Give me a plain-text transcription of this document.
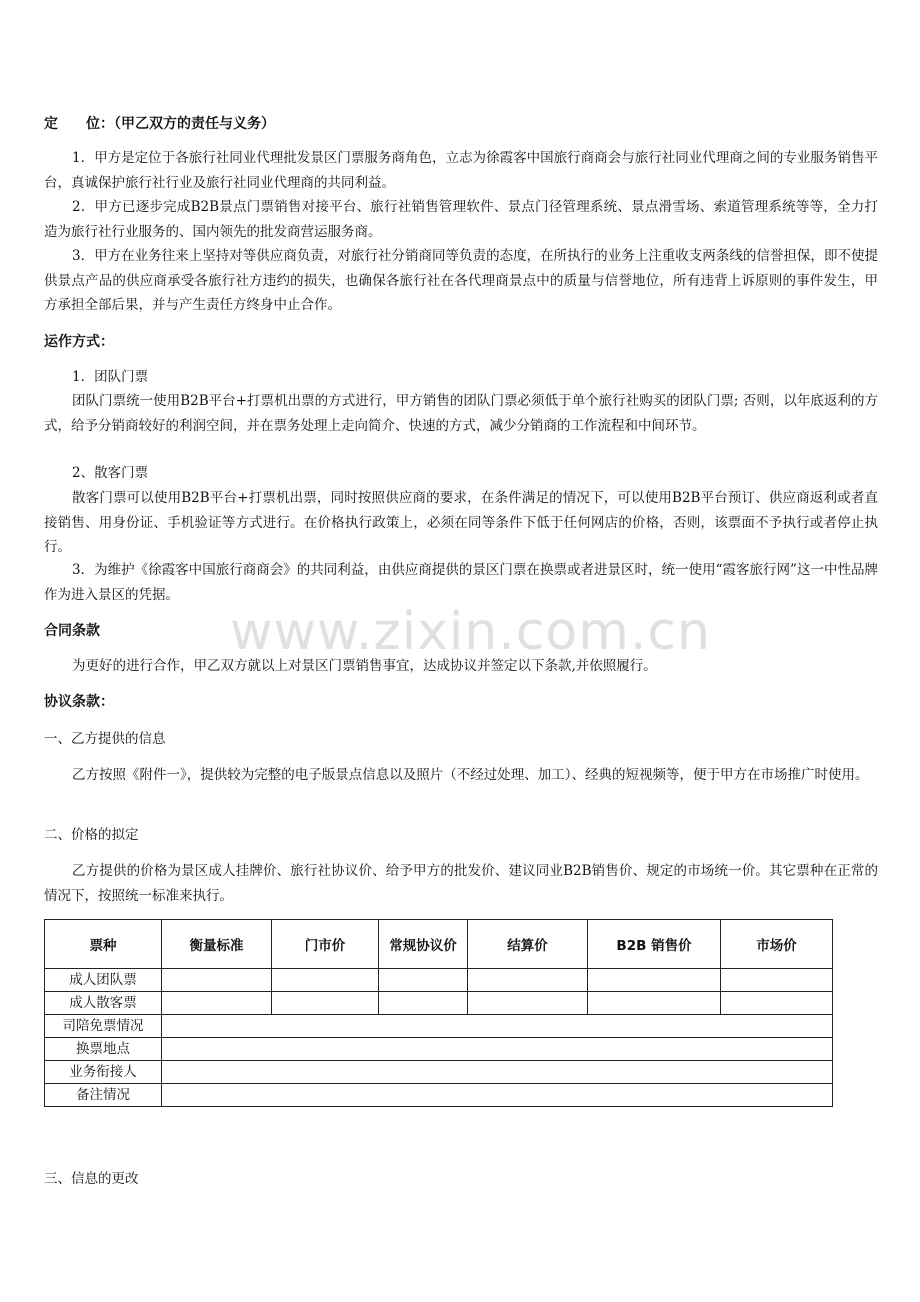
定　　位：（甲乙双方的责任与义务）

1．甲方是定位于各旅行社同业代理批发景区门票服务商角色，立志为徐霞客中国旅行商商会与旅行社同业代理商之间的专业服务销售平台，真诚保护旅行社行业及旅行社同业代理商的共同利益。

2．甲方已逐步完成B2B景点门票销售对接平台、旅行社销售管理软件、景点门径管理系统、景点滑雪场、索道管理系统等等，全力打造为旅行社行业服务的、国内领先的批发商营运服务商。

3．甲方在业务往来上坚持对等供应商负责，对旅行社分销商同等负责的态度，在所执行的业务上注重收支两条线的信誉担保，即不使提供景点产品的供应商承受各旅行社方违约的损失，也确保各旅行社在各代理商景点中的质量与信誉地位，所有违背上诉原则的事件发生，甲方承担全部后果，并与产生责任方终身中止合作。

运作方式：

1．团队门票

团队门票统一使用B2B平台+打票机出票的方式进行，甲方销售的团队门票必须低于单个旅行社购买的团队门票; 否则，以年底返利的方式，给予分销商较好的利润空间，并在票务处理上走向简介、快速的方式，减少分销商的工作流程和中间环节。

2、散客门票

散客门票可以使用B2B平台+打票机出票，同时按照供应商的要求，在条件满足的情况下，可以使用B2B平台预订、供应商返利或者直接销售、用身份证、手机验证等方式进行。在价格执行政策上，必须在同等条件下低于任何网店的价格，否则，该票面不予执行或者停止执行。

3．为维护《徐霞客中国旅行商商会》的共同利益，由供应商提供的景区门票在换票或者进景区时，统一使用“霞客旅行网”这一中性品牌作为进入景区的凭据。

www.zixin.com.cn
合同条款

为更好的进行合作，甲乙双方就以上对景区门票销售事宜，达成协议并签定以下条款,并依照履行。

协议条款：
一、乙方提供的信息

乙方按照《附件一》，提供较为完整的电子版景点信息以及照片（不经过处理、加工）、经典的短视频等，便于甲方在市场推广时使用。

二、价格的拟定

乙方提供的价格为景区成人挂牌价、旅行社协议价、给予甲方的批发价、建议同业B2B销售价、规定的市场统一价。其它票种在正常的情况下，按照统一标准来执行。

票种	衡量标准	门市价	常规协议价	结算价	B2B 销售价	市场价
成人团队票						
成人散客票						
司陪免票情况						
换票地点						
业务衔接人						
备注情况						
三、信息的更改
